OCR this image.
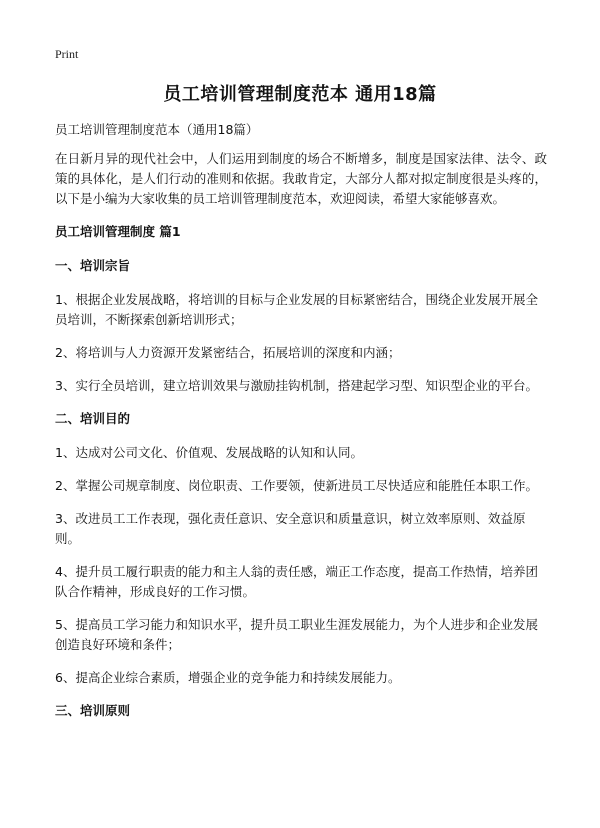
Print
员工培训管理制度范本 通用18篇

员工培训管理制度范本（通用18篇）

在日新月异的现代社会中，人们运用到制度的场合不断增多，制度是国家法律、法令、政策的具体化，是人们行动的准则和依据。我敢肯定，大部分人都对拟定制度很是头疼的，以下是小编为大家收集的员工培训管理制度范本，欢迎阅读，希望大家能够喜欢。

员工培训管理制度 篇1

一、培训宗旨

1、根据企业发展战略，将培训的目标与企业发展的目标紧密结合，围绕企业发展开展全员培训，不断探索创新培训形式；

2、将培训与人力资源开发紧密结合，拓展培训的深度和内涵；

3、实行全员培训，建立培训效果与激励挂钩机制，搭建起学习型、知识型企业的平台。

二、培训目的

1、达成对公司文化、价值观、发展战略的认知和认同。

2、掌握公司规章制度、岗位职责、工作要领，使新进员工尽快适应和能胜任本职工作。

3、改进员工工作表现，强化责任意识、安全意识和质量意识，树立效率原则、效益原则。

4、提升员工履行职责的能力和主人翁的责任感，端正工作态度，提高工作热情，培养团队合作精神，形成良好的工作习惯。

5、提高员工学习能力和知识水平，提升员工职业生涯发展能力，为个人进步和企业发展创造良好环境和条件；

6、提高企业综合素质，增强企业的竞争能力和持续发展能力。

三、培训原则
